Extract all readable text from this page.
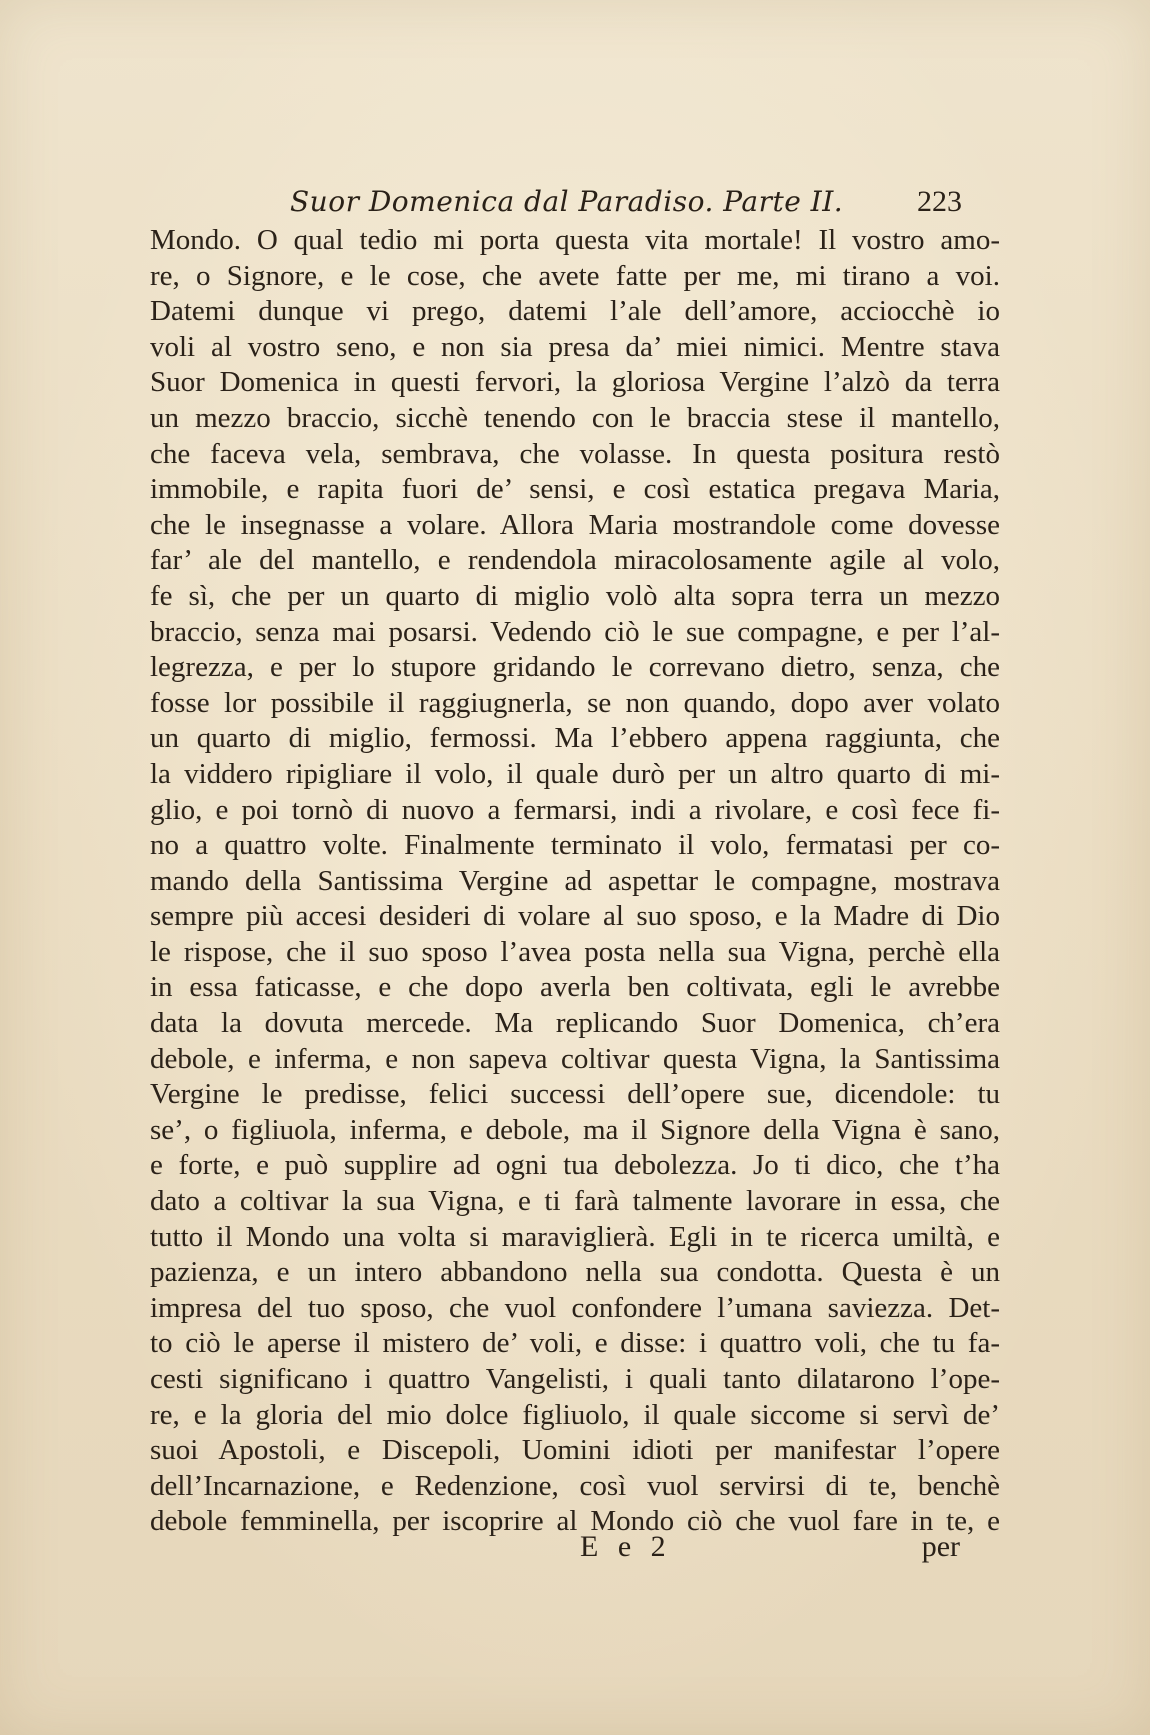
Suor Domenica dal Paradiso. Parte II. 223
Mondo. O qual tedio mi porta questa vita mortale! Il vostro amo-
re, o Signore, e le cose, che avete fatte per me, mi tirano a voi.
Datemi dunque vi prego, datemi l’ale dell’amore, acciocchè io
voli al vostro seno, e non sia presa da’ miei nimici. Mentre stava
Suor Domenica in questi fervori, la gloriosa Vergine l’alzò da terra
un mezzo braccio, sicchè tenendo con le braccia stese il mantello,
che faceva vela, sembrava, che volasse. In questa positura restò
immobile, e rapita fuori de’ sensi, e così estatica pregava Maria,
che le insegnasse a volare. Allora Maria mostrandole come dovesse
far’ ale del mantello, e rendendola miracolosamente agile al volo,
fe sì, che per un quarto di miglio volò alta sopra terra un mezzo
braccio, senza mai posarsi. Vedendo ciò le sue compagne, e per l’al-
legrezza, e per lo stupore gridando le correvano dietro, senza, che
fosse lor possibile il raggiugnerla, se non quando, dopo aver volato
un quarto di miglio, fermossi. Ma l’ebbero appena raggiunta, che
la viddero ripigliare il volo, il quale durò per un altro quarto di mi-
glio, e poi tornò di nuovo a fermarsi, indi a rivolare, e così fece fi-
no a quattro volte. Finalmente terminato il volo, fermatasi per co-
mando della Santissima Vergine ad aspettar le compagne, mostrava
sempre più accesi desideri di volare al suo sposo, e la Madre di Dio
le rispose, che il suo sposo l’avea posta nella sua Vigna, perchè ella
in essa faticasse, e che dopo averla ben coltivata, egli le avrebbe
data la dovuta mercede. Ma replicando Suor Domenica, ch’era
debole, e inferma, e non sapeva coltivar questa Vigna, la Santissima
Vergine le predisse, felici successi dell’opere sue, dicendole: tu
se’, o figliuola, inferma, e debole, ma il Signore della Vigna è sano,
e forte, e può supplire ad ogni tua debolezza. Jo ti dico, che t’ha
dato a coltivar la sua Vigna, e ti farà talmente lavorare in essa, che
tutto il Mondo una volta si maraviglierà. Egli in te ricerca umiltà, e
pazienza, e un intero abbandono nella sua condotta. Questa è un
impresa del tuo sposo, che vuol confondere l’umana saviezza. Det-
to ciò le aperse il mistero de’ voli, e disse: i quattro voli, che tu fa-
cesti significano i quattro Vangelisti, i quali tanto dilatarono l’ope-
re, e la gloria del mio dolce figliuolo, il quale siccome si servì de’
suoi Apostoli, e Discepoli, Uomini idioti per manifestar l’opere
dell’Incarnazione, e Redenzione, così vuol servirsi di te, benchè
debole femminella, per iscoprire al Mondo ciò che vuol fare in te, e
E e 2	per
